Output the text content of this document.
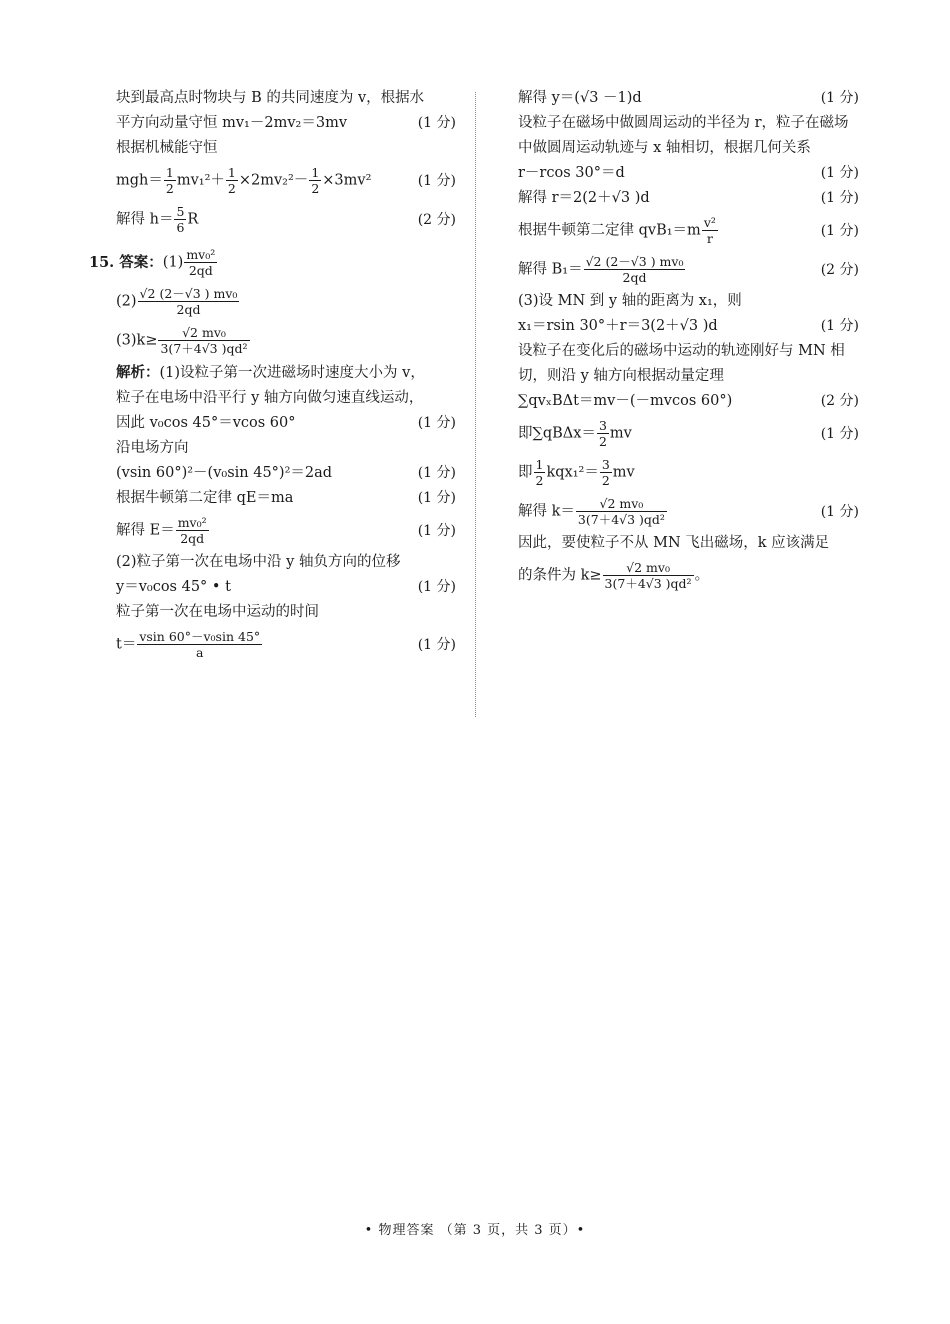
块到最高点时物块与 B 的共同速度为 v，根据水
平方向动量守恒 mv₁－2mv₂＝3mv	(1 分)
根据机械能守恒
$mgh= \frac{1}{2} mv_1^2+ \frac{1}{2} \times 2mv_2^2- \frac{1}{2} \times 3mv^2$	(1 分)
解得 $h= \frac{5}{6}$ R	(2 分)
15. 答案：$(1) \frac{\text{mv₀²}}{2qd}$
$(2) \frac{\text{√2 (2－√3 ) mv₀}}{2qd}$
$(3)k\ge \frac{\text{√2 mv₀}}{\text{3(7＋4√3 )qd²}}$
解析：(1)设粒子第一次进磁场时速度大小为 v，
粒子在电场中沿平行 y 轴方向做匀速直线运动，
因此 v₀cos 45°＝vcos 60°	(1 分)
沿电场方向
(vsin 60°)²－(v₀sin 45°)²＝2ad	(1 分)
根据牛顿第二定律 qE＝ma	(1 分)
解得 $E= \frac{\text{mv₀²}}{2qd}$	(1 分)
(2)粒子第一次在电场中沿 y 轴负方向的位移
y＝v₀cos 45° • t	(1 分)
粒子第一次在电场中运动的时间
$t= \frac{\text{vsin 60°－v₀sin 45°}}{a}$	(1 分)
解得 y＝(√3 －1)d	(1 分)
设粒子在磁场中做圆周运动的半径为 r，粒子在磁场中做圆周运动轨迹与 x 轴相切，根据几何关系
r－rcos 30°＝d	(1 分)
解得 r＝2(2＋√3 )d	(1 分)
根据牛顿第二定律 $qvB_1=m \frac{\text{v²}}{r}$	(1 分)
解得 $B_1= \frac{\text{√2 (2－√3 ) mv₀}}{2qd}$	(2 分)
(3)设 MN 到 y 轴的距离为 x₁，则
x₁＝rsin 30°＋r＝3(2＋√3 )d	(1 分)
设粒子在变化后的磁场中运动的轨迹刚好与 MN 相切，则沿 y 轴方向根据动量定理
∑qvₓBΔt＝mv－(－mvcos 60°)	(2 分)
即$\sum qB\Delta x= \frac{3}{2}$ mv	(1 分)
即 $\frac{1}{2} kqx_1^2= \frac{3}{2}$ mv
解得 $k= \frac{\text{√2 mv₀}}{\text{3(7＋4√3 )qd²}}$	(1 分)
因此，要使粒子不从 MN 飞出磁场，k 应该满足
的条件为 $k\ge \frac{\text{√2 mv₀}}{\text{3(7＋4√3 )qd²}}$ 。
• 物理答案 （第 3 页，共 3 页）•
